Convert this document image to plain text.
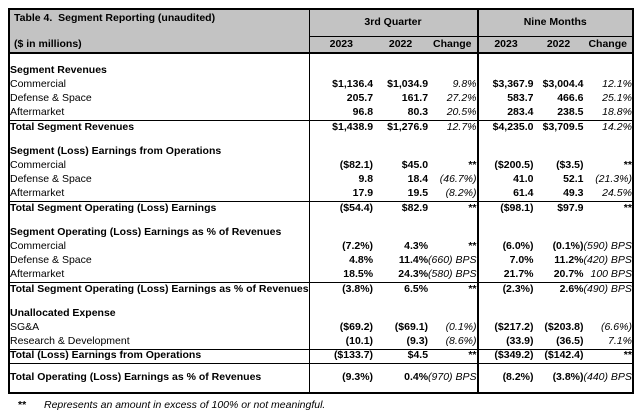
Table 4.  Segment Reporting (unaudited)
($ in millions)	3rd Quarter			Nine Months		
	2023	2022	Change	2023	2022	Change

Segment Revenues						
Commercial	$1,136.4	$1,034.9	9.8%	$3,367.9	$3,004.4	12.1%
Defense & Space	205.7	161.7	27.2%	583.7	466.6	25.1%
Aftermarket	96.8	80.3	20.5%	283.4	238.5	18.8%
Total Segment Revenues	$1,438.9	$1,276.9	12.7%	$4,235.0	$3,709.5	14.2%

Segment (Loss) Earnings from Operations						
Commercial	($82.1)	$45.0	**	($200.5)	($3.5)	**
Defense & Space	9.8	18.4	(46.7%)	41.0	52.1	(21.3%)
Aftermarket	17.9	19.5	(8.2%)	61.4	49.3	24.5%
Total Segment Operating (Loss) Earnings	($54.4)	$82.9	**	($98.1)	$97.9	**

Segment Operating (Loss) Earnings as % of Revenues						
Commercial	(7.2%)	4.3%	**	(6.0%)	(0.1%)	(590) BPS
Defense & Space	4.8%	11.4%	(660) BPS	7.0%	11.2%	(420) BPS
Aftermarket	18.5%	24.3%	(580) BPS	21.7%	20.7%	100 BPS
Total Segment Operating (Loss) Earnings as % of Revenues	(3.8%)	6.5%	**	(2.3%)	2.6%	(490) BPS

Unallocated Expense						
SG&A	($69.2)	($69.1)	(0.1%)	($217.2)	($203.8)	(6.6%)
Research & Development	(10.1)	(9.3)	(8.6%)	(33.9)	(36.5)	7.1%
Total (Loss) Earnings from Operations	($133.7)	$4.5	**	($349.2)	($142.4)	**
Total Operating (Loss) Earnings as % of Revenues	(9.3%)	0.4%	(970) BPS	(8.2%)	(3.8%)	(440) BPS
** Represents an amount in excess of 100% or not meaningful.
